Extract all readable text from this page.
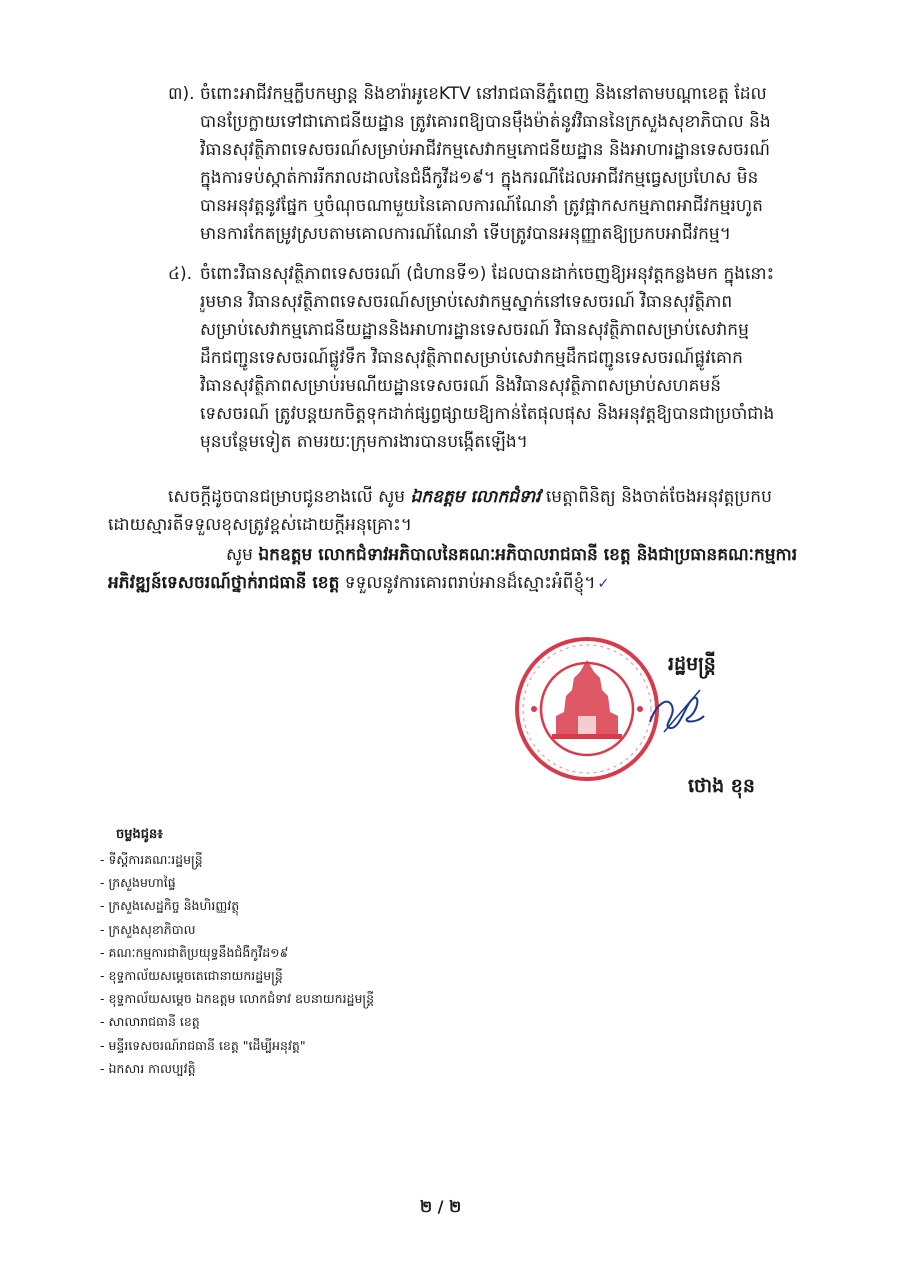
៣). ចំពោះអាជីវកម្មក្លឹបកម្សាន្ត និងខារ៉ាអូខេKTV នៅរាជធានីភ្នំពេញ និងនៅតាមបណ្តាខេត្ត ដែល
បានប្រែក្លាយទៅជាភោជនីយដ្ឋាន ត្រូវគោរពឱ្យបានម៉ឹងម៉ាត់នូវវិធាននៃក្រសួងសុខាភិបាល និង
វិធានសុវត្ថិភាពទេសចរណ៍សម្រាប់អាជីវកម្មសេវាកម្មភោជនីយដ្ឋាន និងអាហារដ្ឋានទេសចរណ៍
ក្នុងការទប់ស្កាត់ការរីករាលដាលនៃជំងឺកូវីដ១៩។ ក្នុងករណីដែលអាជីវកម្មធ្វេសប្រហែស មិន
បានអនុវត្តនូវផ្នែក ឬចំណុចណាមួយនៃគោលការណ៍ណែនាំ ត្រូវផ្អាកសកម្មភាពអាជីវកម្មរហូត
មានការកែតម្រូវស្របតាមគោលការណ៍ណែនាំ ទើបត្រូវបានអនុញ្ញាតឱ្យប្រកបអាជីវកម្ម។
៤). ចំពោះវិធានសុវត្ថិភាពទេសចរណ៍ (ជំហានទី១) ដែលបានដាក់ចេញឱ្យអនុវត្តកន្លងមក ក្នុងនោះ
រួមមាន វិធានសុវត្ថិភាពទេសចរណ៍សម្រាប់សេវាកម្មស្នាក់នៅទេសចរណ៍ វិធានសុវត្ថិភាព
សម្រាប់សេវាកម្មភោជនីយដ្ឋាននិងអាហារដ្ឋានទេសចរណ៍ វិធានសុវត្ថិភាពសម្រាប់សេវាកម្ម
ដឹកជញ្ជូនទេសចរណ៍ផ្លូវទឹក វិធានសុវត្ថិភាពសម្រាប់សេវាកម្មដឹកជញ្ជូនទេសចរណ៍ផ្លូវគោក
វិធានសុវត្ថិភាពសម្រាប់រមណីយដ្ឋានទេសចរណ៍ និងវិធានសុវត្ថិភាពសម្រាប់សហគមន៍
ទេសចរណ៍ ត្រូវបន្តយកចិត្តទុកដាក់ផ្សព្វផ្សាយឱ្យកាន់តែផុលផុស និងអនុវត្តឱ្យបានជាប្រចាំជាង
មុនបន្ថែមទៀត តាមរយៈក្រុមការងារបានបង្កើតឡើង។
សេចក្តីដូចបានជម្រាបជូនខាងលើ សូម ឯកឧត្តម លោកជំទាវ មេត្តាពិនិត្យ និងចាត់ចែងអនុវត្តប្រកប
ដោយស្មារតីទទួលខុសត្រូវខ្ពស់ដោយក្តីអនុគ្រោះ។
សូម ឯកឧត្តម លោកជំទាវអភិបាលនៃគណៈអភិបាលរាជធានី ខេត្ត និងជាប្រធានគណៈកម្មការ
អភិវឌ្ឍន៍ទេសចរណ៍ថ្នាក់រាជធានី ខេត្ត ទទួលនូវការគោរពរាប់អានដ៏ស្មោះអំពីខ្ញុំ។ ✓
រដ្ឋមន្ត្រី
ថោង ខុន
ចម្លងជូន៖
- ទីស្តីការគណៈរដ្ឋមន្ត្រី
- ក្រសួងមហាផ្ទៃ
- ក្រសួងសេដ្ឋកិច្ច និងហិរញ្ញវត្ថុ
- ក្រសួងសុខាភិបាល
- គណៈកម្មការជាតិប្រយុទ្ធនឹងជំងឺកូវីដ១៩
- ខុទ្ទកាល័យសម្តេចតេជោនាយករដ្ឋមន្ត្រី
- ខុទ្ទកាល័យសម្តេច ឯកឧត្តម លោកជំទាវ ឧបនាយករដ្ឋមន្ត្រី
- សាលារាជធានី ខេត្ត
- មន្ទីរទេសចរណ៍រាជធានី ខេត្ត "ដើម្បីអនុវត្ត"
- ឯកសារ កាលប្បវត្តិ
២ / ២
